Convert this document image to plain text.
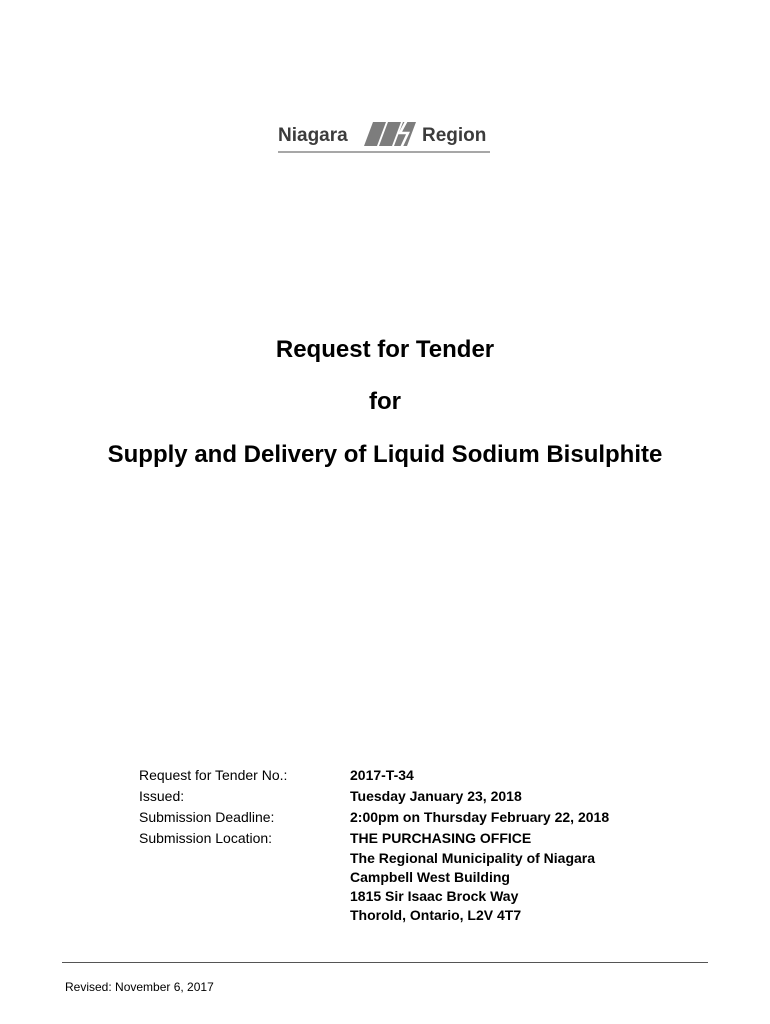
Niagara	Region
Request for Tender
for
Supply and Delivery of Liquid Sodium Bisulphite
Request for Tender No.:	2017-T-34
Issued:	Tuesday January 23, 2018
Submission Deadline:	2:00pm on Thursday February 22, 2018
Submission Location:	THE PURCHASING OFFICE
The Regional Municipality of Niagara
Campbell West Building
1815 Sir Isaac Brock Way
Thorold, Ontario, L2V 4T7
Revised: November 6, 2017
